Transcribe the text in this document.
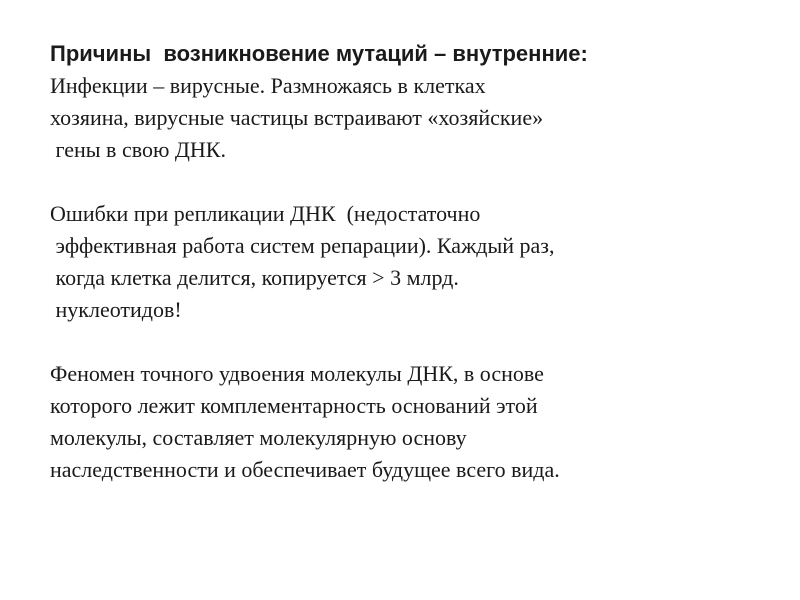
Причины  возникновение мутаций – внутренние:
Инфекции – вирусные. Размножаясь в клетках
хозяина, вирусные частицы встраивают «хозяйские»
гены в свою ДНК.
Ошибки при репликации ДНК  (недостаточно
эффективная работа систем репарации). Каждый раз,
когда клетка делится, копируется > 3 млрд.
нуклеотидов!
Феномен точного удвоения молекулы ДНК, в основе
которого лежит комплементарность оснований этой
молекулы, составляет молекулярную основу
наследственности и обеспечивает будущее всего вида.
